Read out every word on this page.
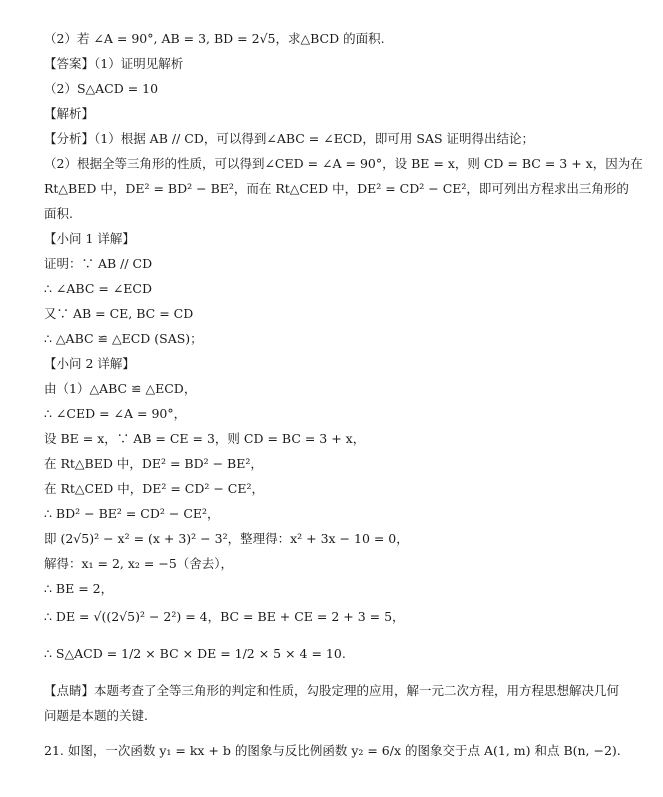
（2）若 ∠A = 90°, AB = 3, BD = 2√5，求△BCD 的面积.
【答案】（1）证明见解析
（2）S△ACD = 10
【解析】
【分析】（1）根据 AB // CD，可以得到∠ABC = ∠ECD，即可用 SAS 证明得出结论；
（2）根据全等三角形的性质，可以得到∠CED = ∠A = 90°，设 BE = x，则 CD = BC = 3 + x，因为在
Rt△BED 中，DE² = BD² − BE²，而在 Rt△CED 中，DE² = CD² − CE²，即可列出方程求出三角形的
面积.
【小问 1 详解】
证明：∵ AB // CD
∴ ∠ABC = ∠ECD
又∵ AB = CE, BC = CD
∴ △ABC ≌ △ECD (SAS)；
【小问 2 详解】
由（1）△ABC ≌ △ECD，
∴ ∠CED = ∠A = 90°，
设 BE = x，∵ AB = CE = 3，则 CD = BC = 3 + x，
在 Rt△BED 中，DE² = BD² − BE²，
在 Rt△CED 中，DE² = CD² − CE²，
∴ BD² − BE² = CD² − CE²，
即 (2√5)² − x² = (x + 3)² − 3²，整理得：x² + 3x − 10 = 0，
解得：x₁ = 2, x₂ = −5（舍去），
∴ BE = 2，
∴ DE = √((2√5)² − 2²) = 4，BC = BE + CE = 2 + 3 = 5，
∴ S△ACD = 1/2 × BC × DE = 1/2 × 5 × 4 = 10.
【点睛】本题考查了全等三角形的判定和性质，勾股定理的应用，解一元二次方程，用方程思想解决几何
问题是本题的关键.
21. 如图，一次函数 y₁ = kx + b 的图象与反比例函数 y₂ = 6/x 的图象交于点 A(1, m) 和点 B(n, −2).
